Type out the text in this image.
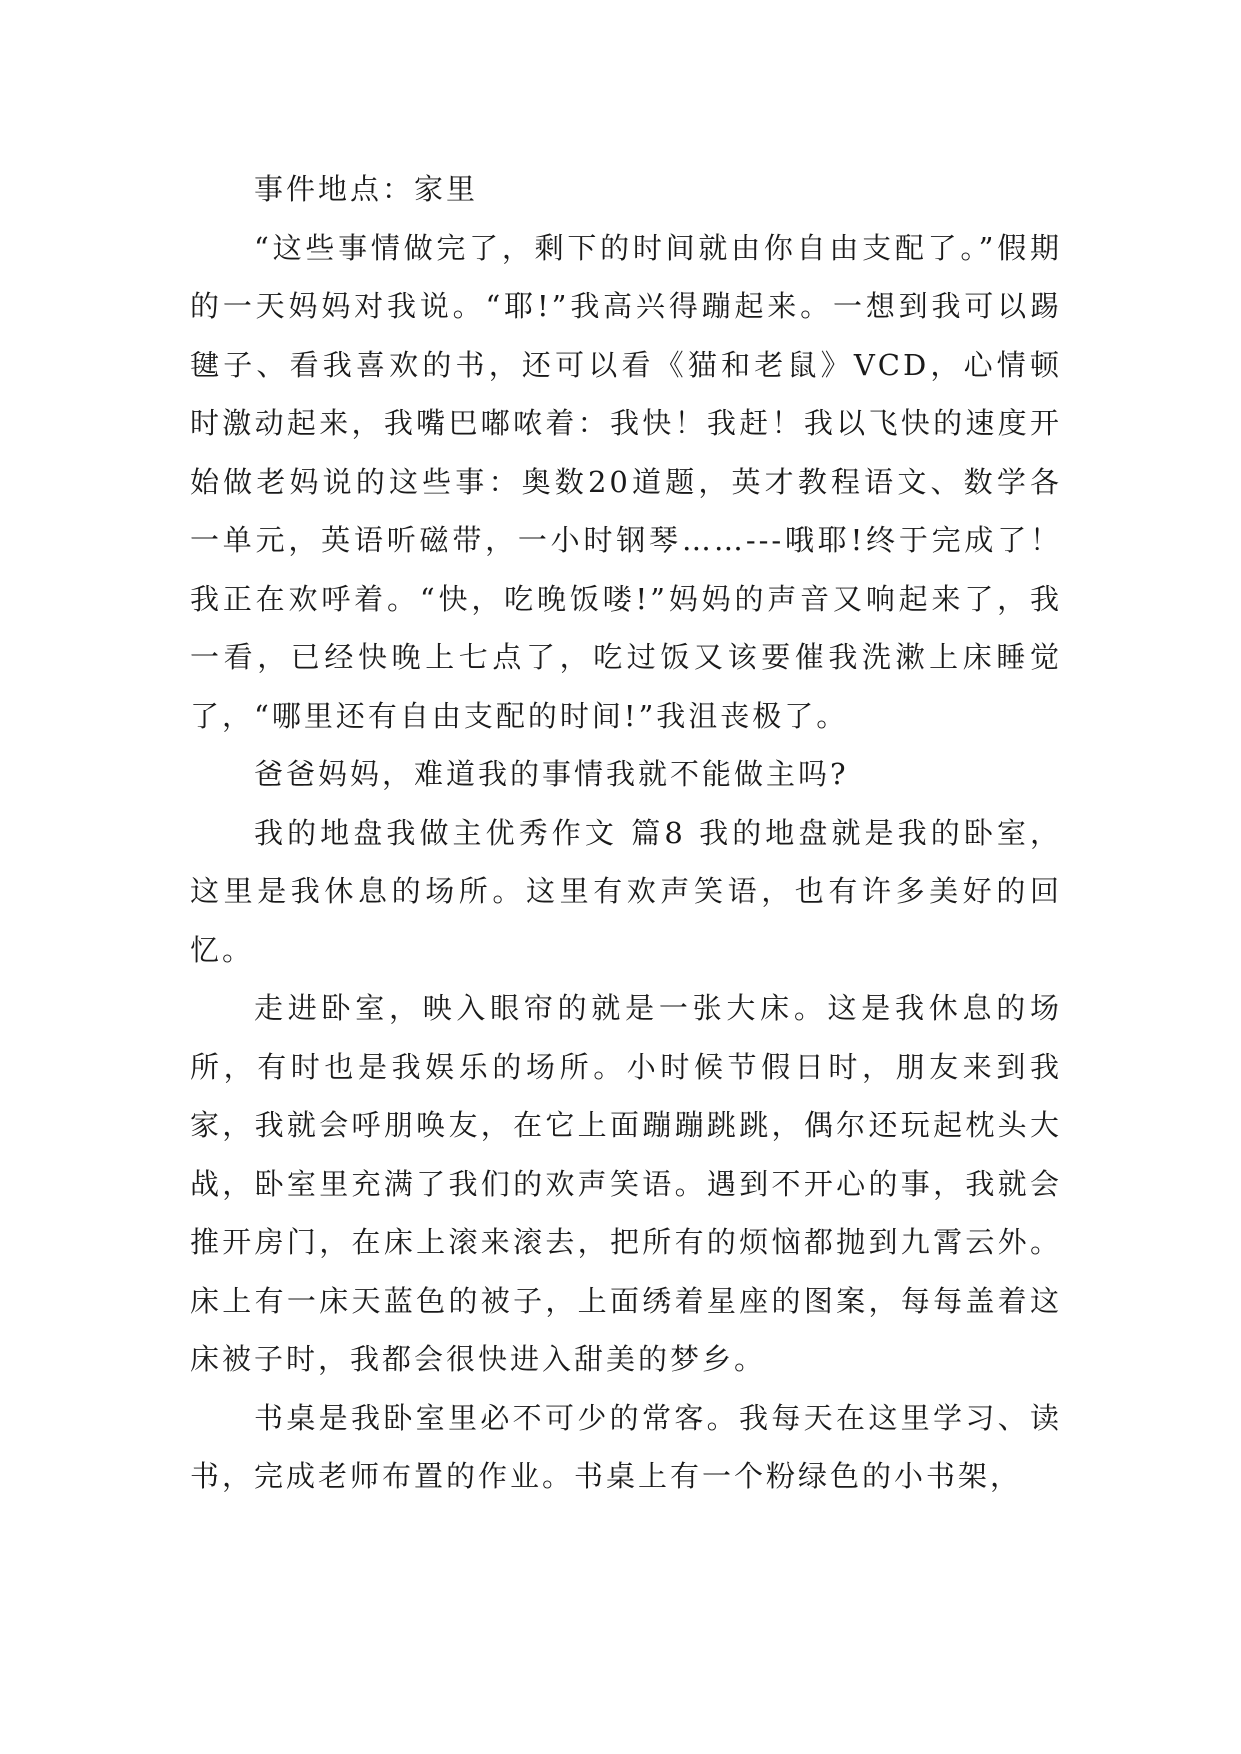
事件地点：家里

“这些事情做完了，剩下的时间就由你自由支配了。”假期的一天妈妈对我说。“耶!”我高兴得蹦起来。一想到我可以踢毽子、看我喜欢的书，还可以看《猫和老鼠》VCD，心情顿时激动起来，我嘴巴嘟哝着：我快！我赶！我以飞快的速度开始做老妈说的这些事：奥数20道题，英才教程语文、数学各一单元，英语听磁带，一小时钢琴……---哦耶!终于完成了！我正在欢呼着。“快，吃晚饭喽!”妈妈的声音又响起来了，我一看，已经快晚上七点了，吃过饭又该要催我洗漱上床睡觉了，“哪里还有自由支配的时间!”我沮丧极了。

爸爸妈妈，难道我的事情我就不能做主吗?

我的地盘我做主优秀作文 篇8 我的地盘就是我的卧室，这里是我休息的场所。这里有欢声笑语，也有许多美好的回忆。

走进卧室，映入眼帘的就是一张大床。这是我休息的场所，有时也是我娱乐的场所。小时候节假日时，朋友来到我家，我就会呼朋唤友，在它上面蹦蹦跳跳，偶尔还玩起枕头大战，卧室里充满了我们的欢声笑语。遇到不开心的事，我就会推开房门，在床上滚来滚去，把所有的烦恼都抛到九霄云外。床上有一床天蓝色的被子，上面绣着星座的图案，每每盖着这床被子时，我都会很快进入甜美的梦乡。

书桌是我卧室里必不可少的常客。我每天在这里学习、读书，完成老师布置的作业。书桌上有一个粉绿色的小书架，
